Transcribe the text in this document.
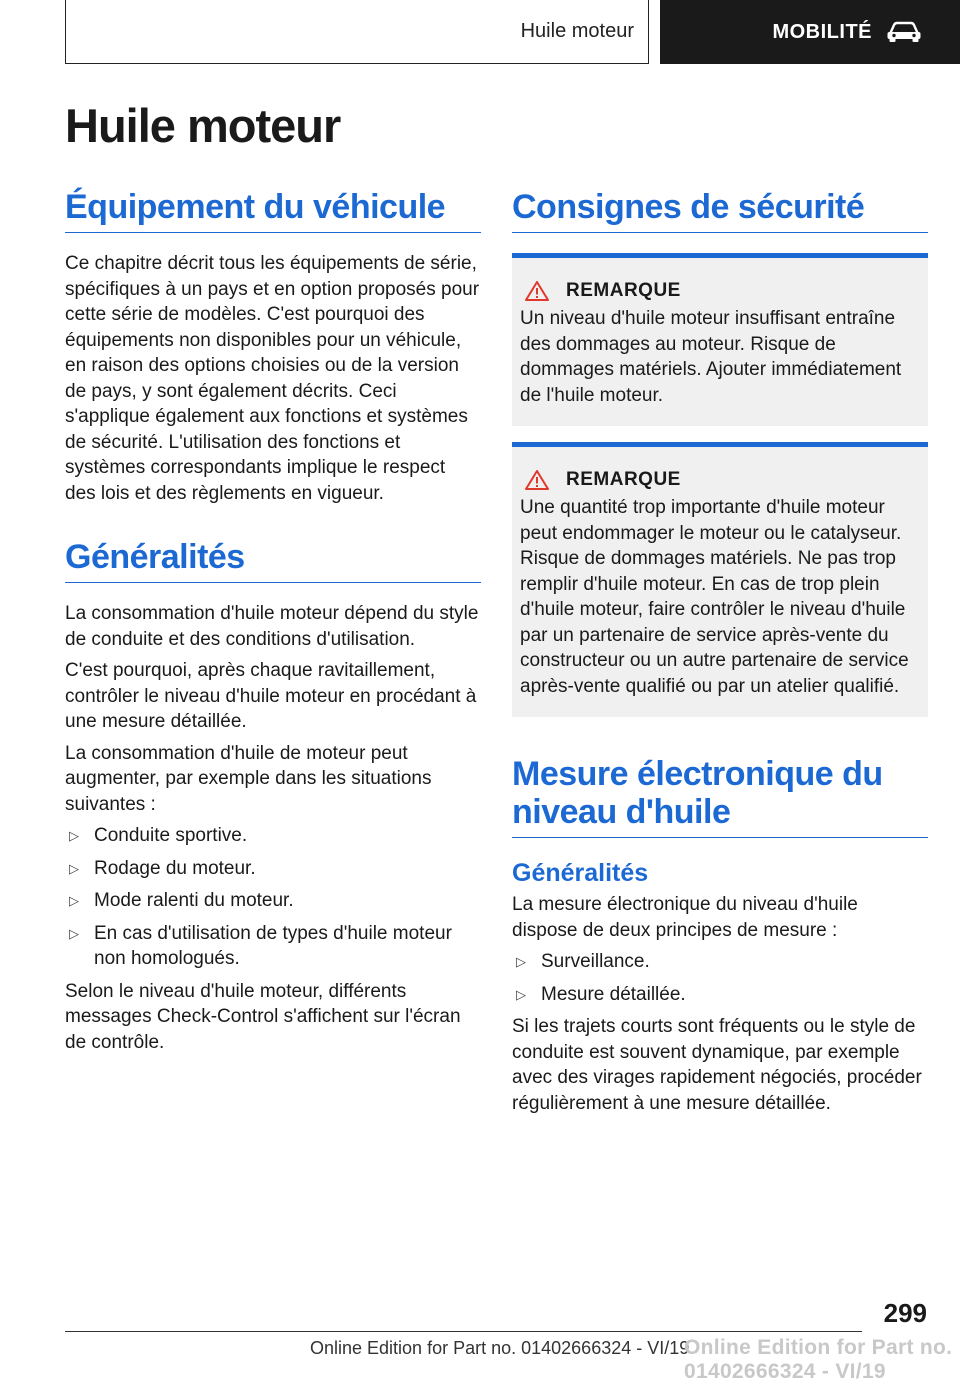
Huile moteur	MOBILITÉ
Huile moteur
Équipement du véhicule

Ce chapitre décrit tous les équipements de série, spécifiques à un pays et en option proposés pour cette série de modèles. C'est pourquoi des équipements non disponibles pour un véhicule, en raison des options choisies ou de la version de pays, y sont également décrits. Ceci s'applique également aux fonctions et systèmes de sécurité. L'utilisation des fonctions et systèmes correspondants implique le respect des lois et des règlements en vigueur.

Généralités

La consommation d'huile moteur dépend du style de conduite et des conditions d'utilisation.

C'est pourquoi, après chaque ravitaillement, contrôler le niveau d'huile moteur en procédant à une mesure détaillée.

La consommation d'huile de moteur peut augmenter, par exemple dans les situations suivantes :

▷ Conduite sportive.
▷ Rodage du moteur.
▷ Mode ralenti du moteur.
▷ En cas d'utilisation de types d'huile moteur non homologués.

Selon le niveau d'huile moteur, différents messages Check-Control s'affichent sur l'écran de contrôle.

Consignes de sécurité
REMARQUE

Un niveau d'huile moteur insuffisant entraîne des dommages au moteur. Risque de dommages matériels. Ajouter immédiatement de l'huile moteur.

REMARQUE

Une quantité trop importante d'huile moteur peut endommager le moteur ou le catalyseur. Risque de dommages matériels. Ne pas trop remplir d'huile moteur. En cas de trop plein d'huile moteur, faire contrôler le niveau d'huile par un partenaire de service après-vente du constructeur ou un autre partenaire de service après-vente qualifié ou par un atelier qualifié.

Mesure électronique du niveau d'huile
Généralités

La mesure électronique du niveau d'huile dispose de deux principes de mesure :

▷ Surveillance.
▷ Mesure détaillée.

Si les trajets courts sont fréquents ou le style de conduite est souvent dynamique, par exemple avec des virages rapidement négociés, procéder régulièrement à une mesure détaillée.

299
Online Edition for Part no. 01402666324 - VI/19
Online Edition for Part no. 01402666324 - VI/19
